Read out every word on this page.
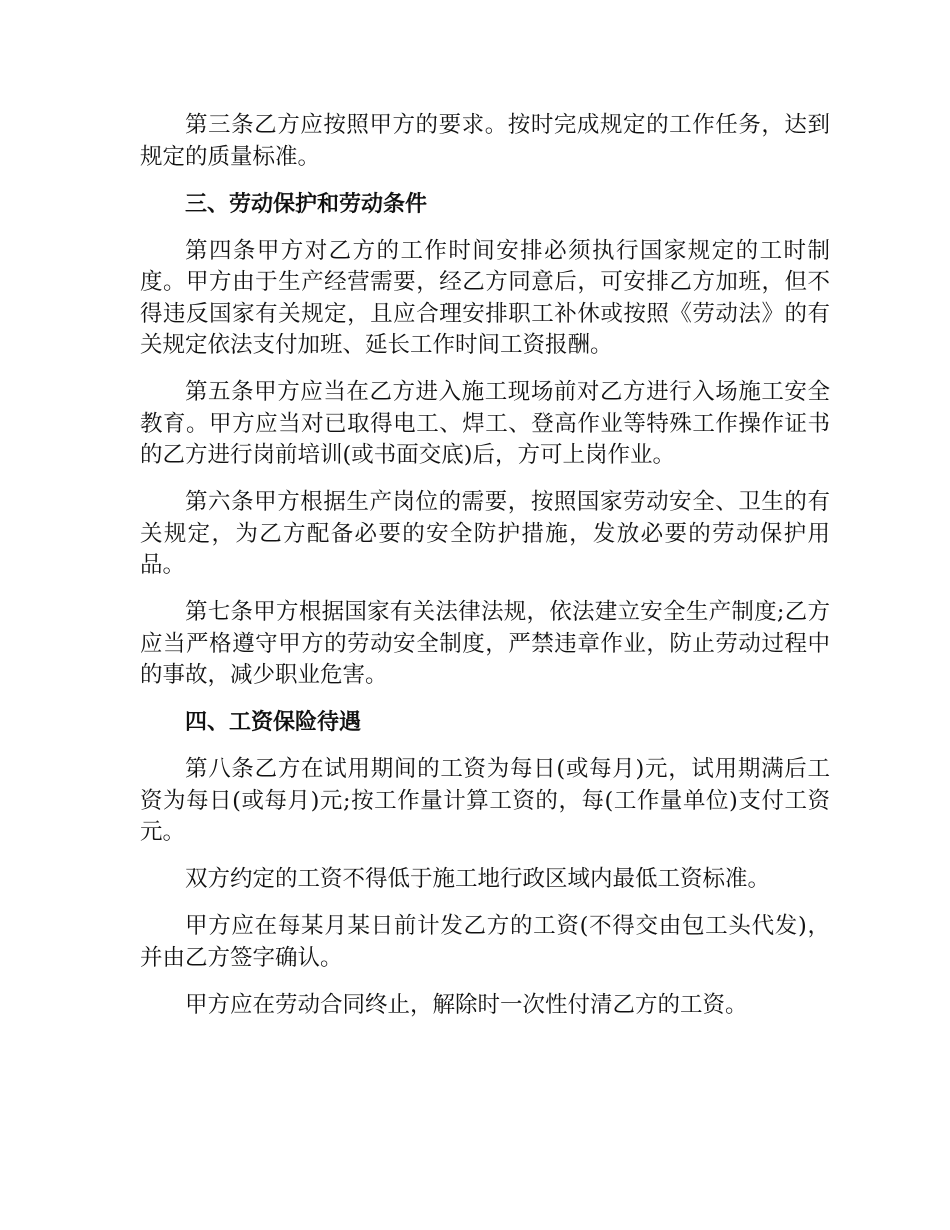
第三条乙方应按照甲方的要求。按时完成规定的工作任务，达到规定的质量标准。

三、劳动保护和劳动条件

第四条甲方对乙方的工作时间安排必须执行国家规定的工时制度。甲方由于生产经营需要，经乙方同意后，可安排乙方加班，但不得违反国家有关规定，且应合理安排职工补休或按照《劳动法》的有关规定依法支付加班、延长工作时间工资报酬。

第五条甲方应当在乙方进入施工现场前对乙方进行入场施工安全教育。甲方应当对已取得电工、焊工、登高作业等特殊工作操作证书的乙方进行岗前培训(或书面交底)后，方可上岗作业。

第六条甲方根据生产岗位的需要，按照国家劳动安全、卫生的有关规定，为乙方配备必要的安全防护措施，发放必要的劳动保护用品。

第七条甲方根据国家有关法律法规，依法建立安全生产制度;乙方应当严格遵守甲方的劳动安全制度，严禁违章作业，防止劳动过程中的事故，减少职业危害。

四、工资保险待遇

第八条乙方在试用期间的工资为每日(或每月)元，试用期满后工资为每日(或每月)元;按工作量计算工资的，每(工作量单位)支付工资元。

双方约定的工资不得低于施工地行政区域内最低工资标准。

甲方应在每某月某日前计发乙方的工资(不得交由包工头代发)，并由乙方签字确认。

甲方应在劳动合同终止，解除时一次性付清乙方的工资。
